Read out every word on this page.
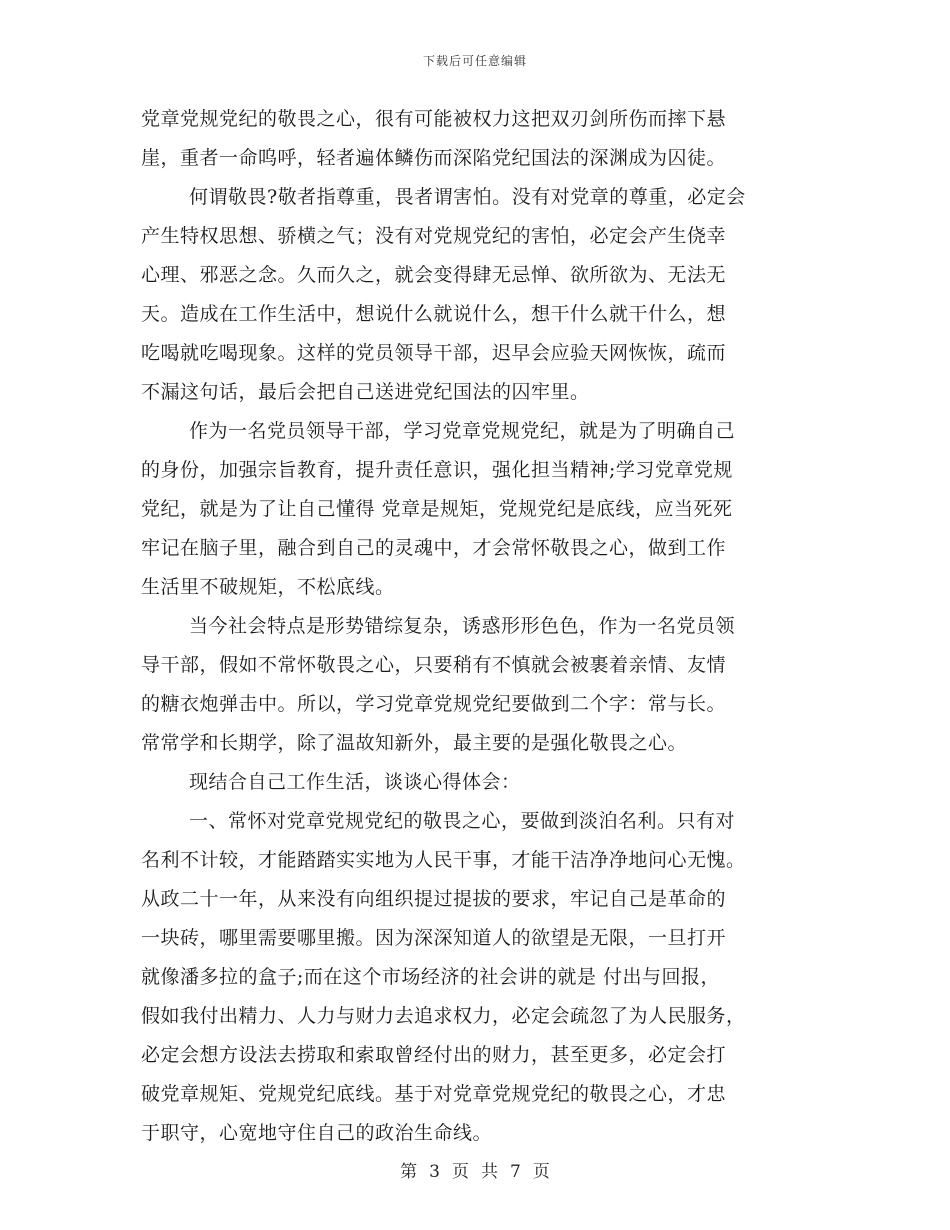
下载后可任意编辑
党章党规党纪的敬畏之心，很有可能被权力这把双刃剑所伤而摔下悬
崖，重者一命呜呼，轻者遍体鳞伤而深陷党纪国法的深渊成为囚徒。
何谓敬畏?敬者指尊重，畏者谓害怕。没有对党章的尊重，必定会
产生特权思想、骄横之气；没有对党规党纪的害怕，必定会产生侥幸
心理、邪恶之念。久而久之，就会变得肆无忌惮、欲所欲为、无法无
天。造成在工作生活中，想说什么就说什么，想干什么就干什么，想
吃喝就吃喝现象。这样的党员领导干部，迟早会应验天网恢恢，疏而
不漏这句话，最后会把自己送进党纪国法的囚牢里。
作为一名党员领导干部，学习党章党规党纪，就是为了明确自己
的身份，加强宗旨教育，提升责任意识，强化担当精神;学习党章党规
党纪，就是为了让自己懂得 党章是规矩，党规党纪是底线，应当死死
牢记在脑子里，融合到自己的灵魂中，才会常怀敬畏之心，做到工作
生活里不破规矩，不松底线。
当今社会特点是形势错综复杂，诱惑形形色色，作为一名党员领
导干部，假如不常怀敬畏之心，只要稍有不慎就会被裹着亲情、友情
的糖衣炮弹击中。所以，学习党章党规党纪要做到二个字：常与长。
常常学和长期学，除了温故知新外，最主要的是强化敬畏之心。
现结合自己工作生活，谈谈心得体会：
一、常怀对党章党规党纪的敬畏之心，要做到淡泊名利。只有对
名利不计较，才能踏踏实实地为人民干事，才能干洁净净地问心无愧。
从政二十一年，从来没有向组织提过提拔的要求，牢记自己是革命的
一块砖，哪里需要哪里搬。因为深深知道人的欲望是无限，一旦打开
就像潘多拉的盒子;而在这个市场经济的社会讲的就是 付出与回报，
假如我付出精力、人力与财力去追求权力，必定会疏忽了为人民服务，
必定会想方设法去捞取和索取曾经付出的财力，甚至更多，必定会打
破党章规矩、党规党纪底线。基于对党章党规党纪的敬畏之心，才忠
于职守，心宽地守住自己的政治生命线。
第 3 页 共 7 页
